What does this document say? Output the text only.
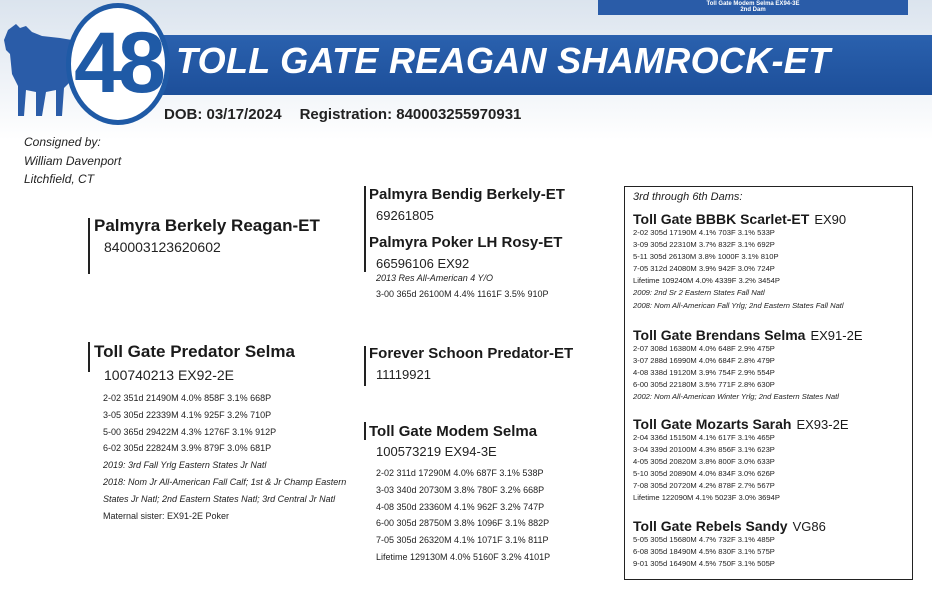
Toll Gate Modem Selma EX94-3E
2nd Dam
48 TOLL GATE REAGAN SHAMROCK-ET
DOB: 03/17/2024 Registration: 840003255970931
Consigned by:
William Davenport
Litchfield, CT
Palmyra Berkely Reagan-ET
840003123620602
Palmyra Bendig Berkely-ET
69261805
Palmyra Poker LH Rosy-ET
66596106 EX92
2013 Res All-American 4 Y/O
3-00 365d 26100M 4.4% 1161F 3.5% 910P
Toll Gate Predator Selma
100740213 EX92-2E
2-02 351d 21490M 4.0% 858F 3.1% 668P
3-05 305d 22339M 4.1% 925F 3.2% 710P
5-00 365d 29422M 4.3% 1276F 3.1% 912P
6-02 305d 22824M 3.9% 879F 3.0% 681P
2019: 3rd Fall Yrlg Eastern States Jr Natl
2018: Nom Jr All-American Fall Calf; 1st & Jr Champ Eastern
States Jr Natl; 2nd Eastern States Natl; 3rd Central Jr Natl
Maternal sister: EX91-2E Poker
Forever Schoon Predator-ET
11119921
Toll Gate Modem Selma
100573219 EX94-3E
2-02 311d 17290M 4.0% 687F 3.1% 538P
3-03 340d 20730M 3.8% 780F 3.2% 668P
4-08 350d 23360M 4.1% 962F 3.2% 747P
6-00 305d 28750M 3.8% 1096F 3.1% 882P
7-05 305d 26320M 4.1% 1071F 3.1% 811P
Lifetime 129130M 4.0% 5160F 3.2% 4101P
3rd through 6th Dams:
Toll Gate BBBK Scarlet-ET EX90
2-02 305d 17190M 4.1% 703F 3.1% 533P
3-09 305d 22310M 3.7% 832F 3.1% 692P
5-11 305d 26130M 3.8% 1000F 3.1% 810P
7-05 312d 24080M 3.9% 942F 3.0% 724P
Lifetime 109240M 4.0% 4339F 3.2% 3454P
2009: 2nd Sr 2 Eastern States Fall Natl
2008: Nom All-American Fall Yrlg; 2nd Eastern States Fall Natl
Toll Gate Brendans Selma EX91-2E
2-07 308d 16380M 4.0% 648F 2.9% 475P
3-07 288d 16990M 4.0% 684F 2.8% 479P
4-08 338d 19120M 3.9% 754F 2.9% 554P
6-00 305d 22180M 3.5% 771F 2.8% 630P
2002: Nom All-American Winter Yrlg; 2nd Eastern States Natl
Toll Gate Mozarts Sarah EX93-2E
2-04 336d 15150M 4.1% 617F 3.1% 465P
3-04 339d 20100M 4.3% 856F 3.1% 623P
4-05 305d 20820M 3.8% 800F 3.0% 633P
5-10 305d 20890M 4.0% 834F 3.0% 626P
7-08 305d 20720M 4.2% 878F 2.7% 567P
Lifetime 122090M 4.1% 5023F 3.0% 3694P
Toll Gate Rebels Sandy VG86
5-05 305d 15680M 4.7% 732F 3.1% 485P
6-08 305d 18490M 4.5% 830F 3.1% 575P
9-01 305d 16490M 4.5% 750F 3.1% 505P
